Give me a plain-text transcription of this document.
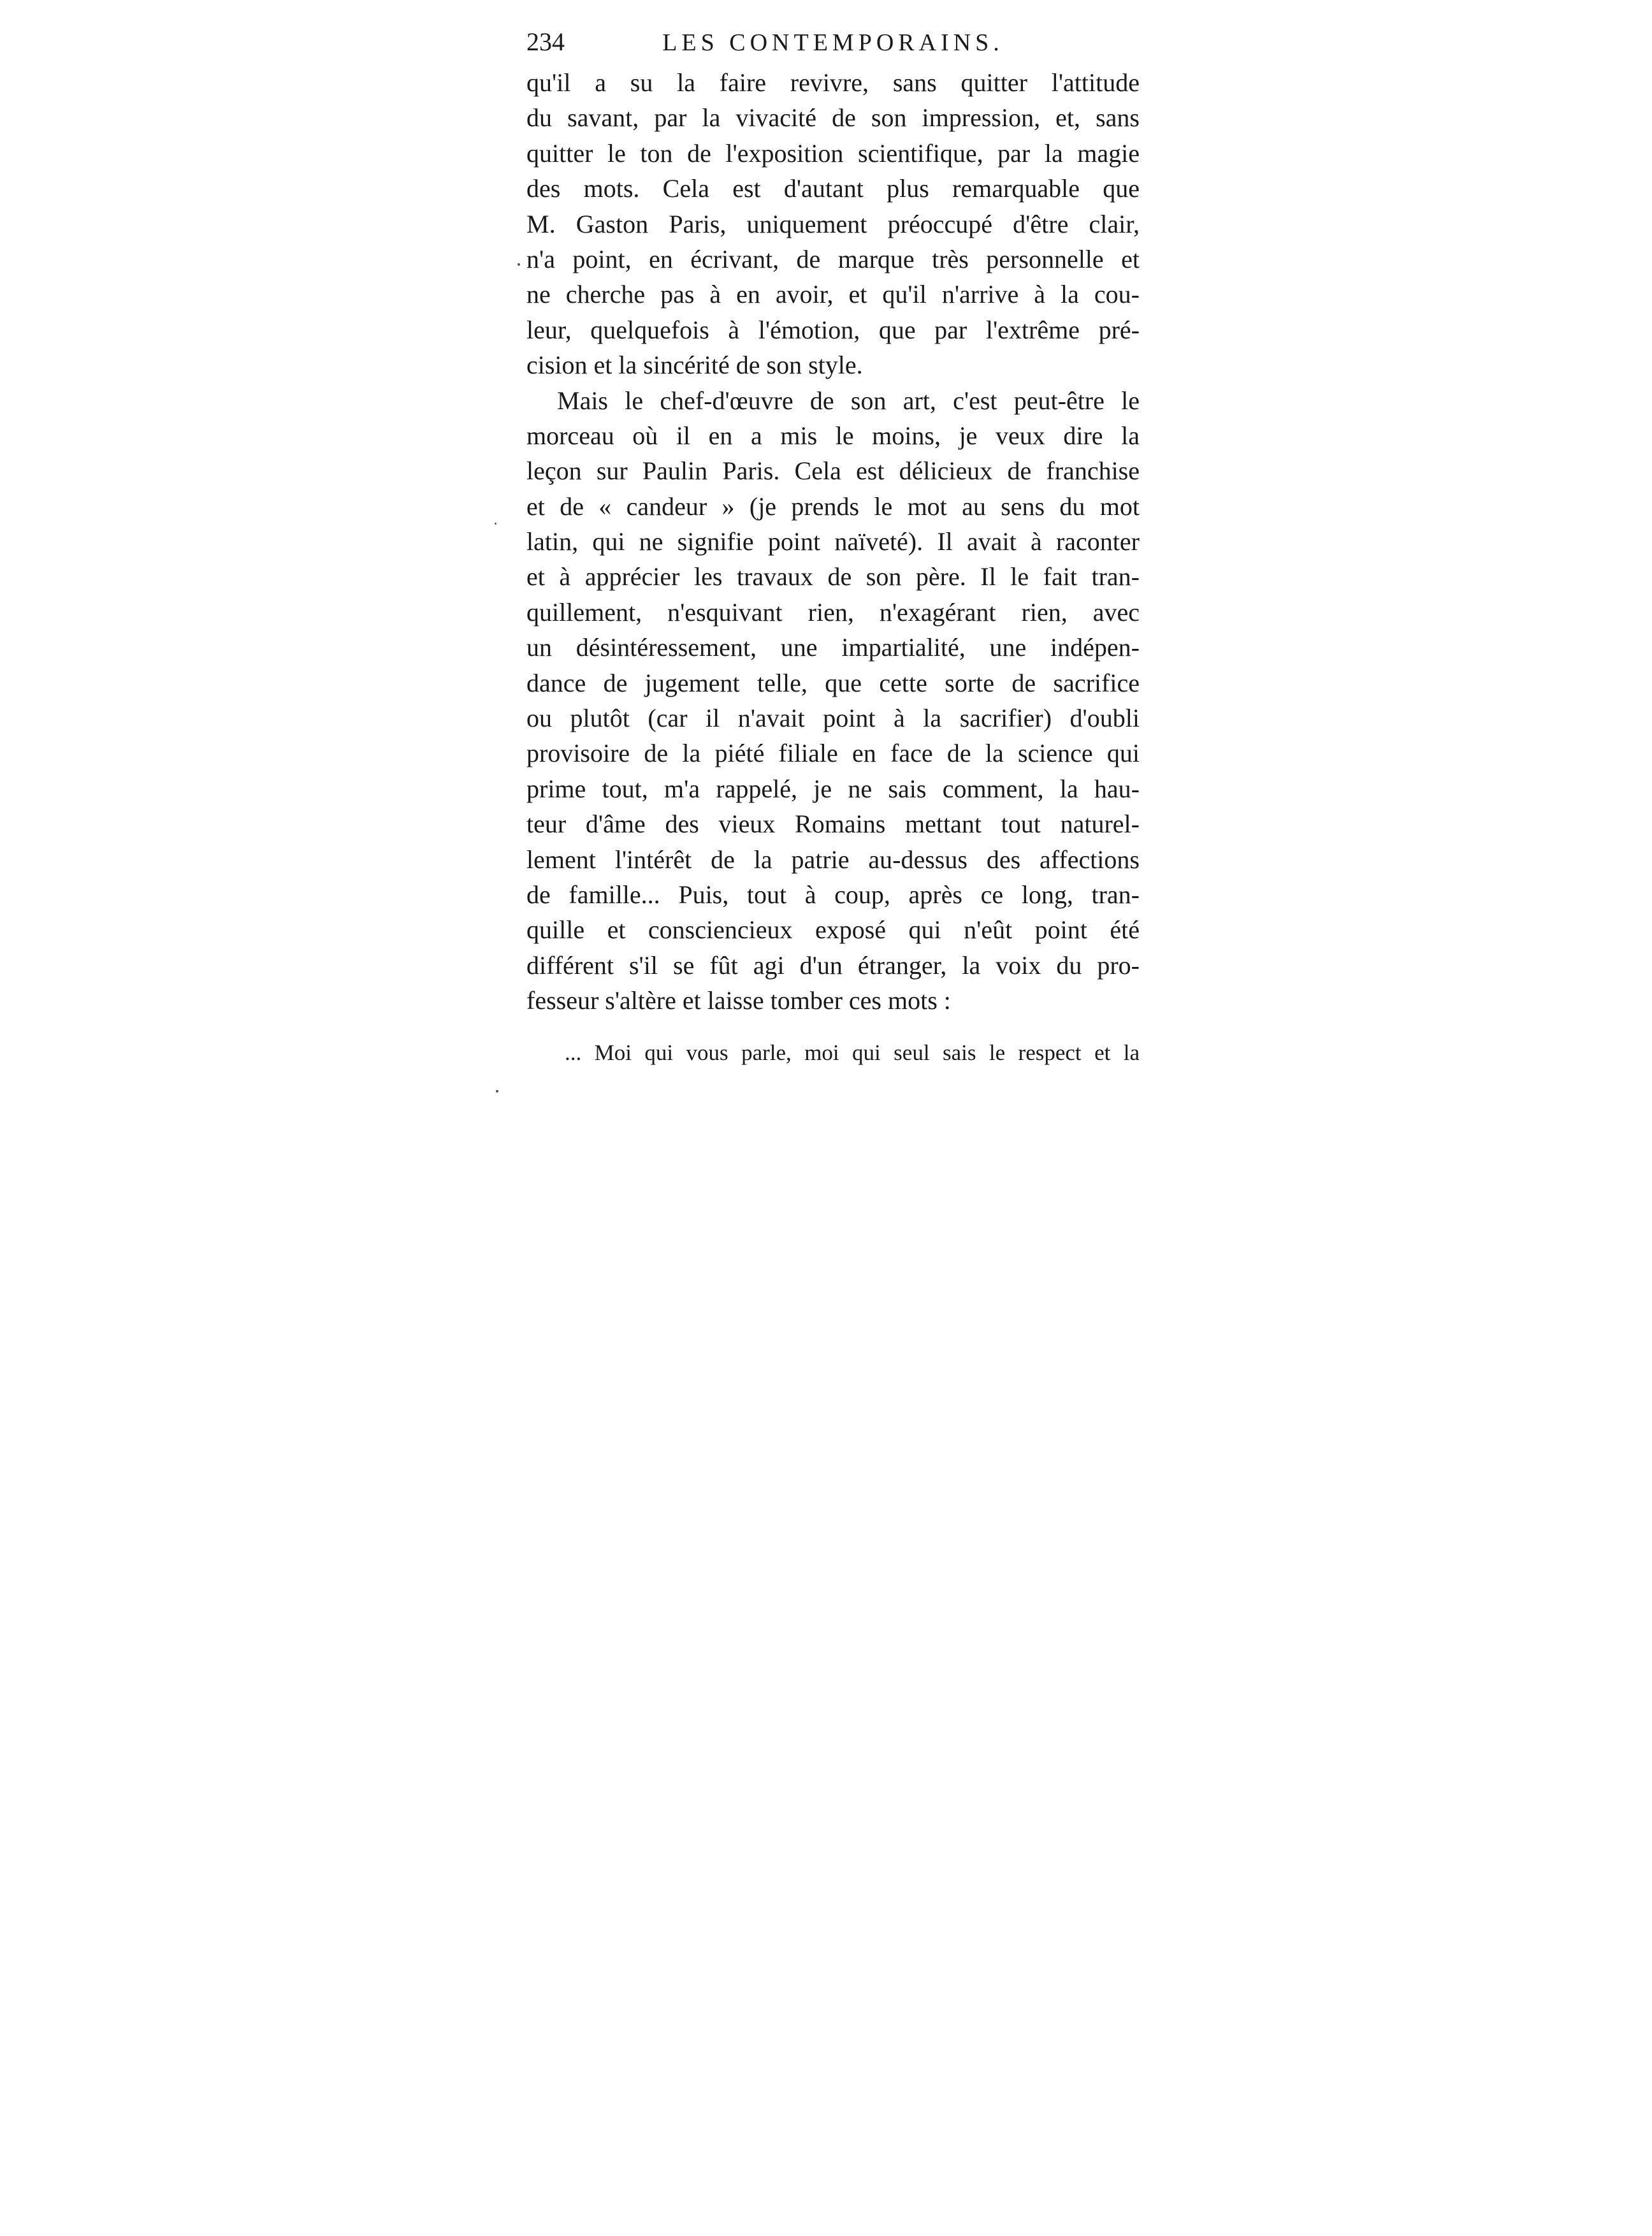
234	LES CONTEMPORAINS.

qu'il a su la faire revivre, sans quitter l'attitude
du savant, par la vivacité de son impression, et, sans
quitter le ton de l'exposition scientifique, par la magie
des mots. Cela est d'autant plus remarquable que
M. Gaston Paris, uniquement préoccupé d'être clair,
n'a point, en écrivant, de marque très personnelle et
ne cherche pas à en avoir, et qu'il n'arrive à la cou-
leur, quelquefois à l'émotion, que par l'extrême pré-
cision et la sincérité de son style.

Mais le chef-d'œuvre de son art, c'est peut-être le
morceau où il en a mis le moins, je veux dire la
leçon sur Paulin Paris. Cela est délicieux de franchise
et de « candeur » (je prends le mot au sens du mot
latin, qui ne signifie point naïveté). Il avait à raconter
et à apprécier les travaux de son père. Il le fait tran-
quillement, n'esquivant rien, n'exagérant rien, avec
un désintéressement, une impartialité, une indépen-
dance de jugement telle, que cette sorte de sacrifice
ou plutôt (car il n'avait point à la sacrifier) d'oubli
provisoire de la piété filiale en face de la science qui
prime tout, m'a rappelé, je ne sais comment, la hau-
teur d'âme des vieux Romains mettant tout naturel-
lement l'intérêt de la patrie au-dessus des affections
de famille... Puis, tout à coup, après ce long, tran-
quille et consciencieux exposé qui n'eût point été
différent s'il se fût agi d'un étranger, la voix du pro-
fesseur s'altère et laisse tomber ces mots :

... Moi qui vous parle, moi qui seul sais le respect et la
